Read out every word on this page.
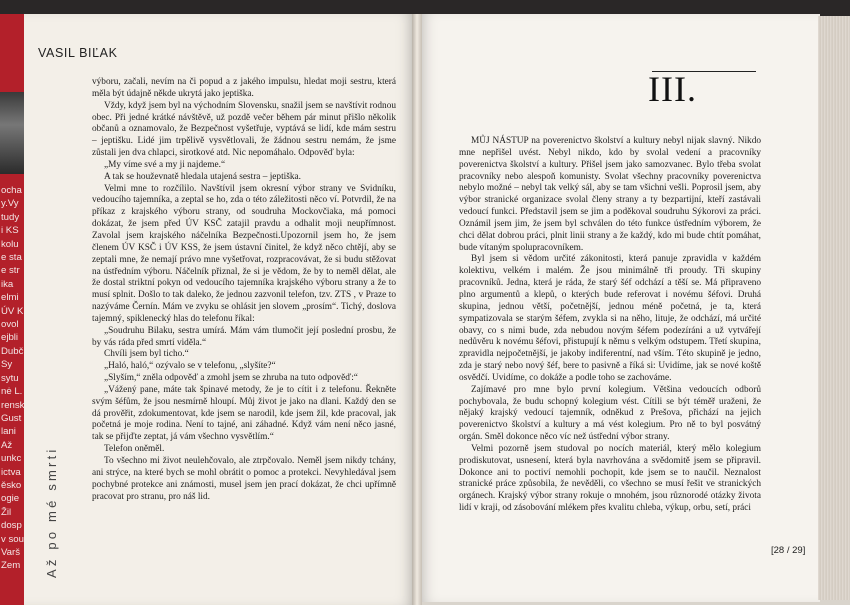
ocha
y.Vy
tudy
i KS
kolu
e sta
e str
ika
elmi
ÚV K
ovol
ejbli
Dubč
Sy
sytu
nė L.
rensk
Gust
lani
Až
unkc
ictva
ěsko
ogie
Žil
dosp
v sou
Varš
Zem
VASIL BIĽAK
Až po mé smrti

výboru, začali, nevím na či popud a z jakého impulsu, hledat moji sestru, která měla být údajně někde ukrytá jako jeptiška.

Vždy, když jsem byl na východním Slovensku, snažil jsem se navštívit rodnou obec. Při jedné krátké návštěvě, už pozdě večer během pár minut přišlo několik občanů a oznamovalo, že Bezpečnost vyšetřuje, vyptává se lidí, kde mám sestru – jeptišku. Lidé jim trpělivě vysvětlovali, že žádnou sestru nemám, že jsme zůstali jen dva chlapci, sirotkové atd. Nic nepomáhalo. Odpověď byla:

„My víme své a my ji najdeme.“

A tak se houževnatě hledala utajená sestra – jeptiška.

Velmi mne to rozčílilo. Navštívil jsem okresní výbor strany ve Svidníku, vedoucího tajemníka, a zeptal se ho, zda o této záležitosti něco ví. Potvrdil, že na příkaz z krajského výboru strany, od soudruha Mockovčiaka, má pomoci dokázat, že jsem před ÚV KSČ zatajil pravdu a odhalit moji neupřímnost. Zavolal jsem krajského náčelníka Bezpečnosti.Upozornil jsem ho, že jsem členem ÚV KSČ i ÚV KSS, že jsem ústavní činitel, že když něco chtějí, aby se zeptali mne, že nemají právo mne vyšetřovat, rozpracovávat, že si budu stěžovat na ústředním výboru. Náčelník přiznal, že si je vědom, že by to neměl dělat, ale že dostal striktní pokyn od vedoucího tajemníka krajského výboru strany a že to musí splnit. Došlo to tak daleko, že jednou zazvonil telefon, tzv. ZTS , v Praze to nazýváme Černín. Mám ve zvyku se ohlásit jen slovem „prosím“. Tichý, doslova tajemný, spiklenecký hlas do telefonu říkal:

„Soudruhu Bilaku, sestra umírá. Mám vám tlumočit její poslední prosbu, že by vás ráda před smrtí viděla.“

Chvíli jsem byl ticho.“

„Haló, haló,“ ozývalo se v telefonu, „slyšíte?“

„Slyším,“ zněla odpověď a zmohl jsem se zhruba na tuto odpověď:“

„Vážený pane, máte tak špinavé metody, že je to cítit i z telefonu. Řekněte svým šéfům, že jsou nesmírně hloupí. Můj život je jako na dlani. Každý den se dá prověřit, zdokumentovat, kde jsem se narodil, kde jsem žil, kde pracoval, jak početná je moje rodina. Není to tajné, ani záhadné. Když vám není něco jasné, tak se přijďte zeptat, já vám všechno vysvětlím.“

Telefon oněměl.

To všechno mi život neulehčovalo, ale ztrpčovalo. Neměl jsem nikdy tchány, ani strýce, na které bych se mohl obrátit o pomoc a protekci. Nevyhledával jsem pochybné protekce ani známosti, musel jsem jen prací dokázat, že chci upřímně pracovat pro stranu, pro náš lid.

III.

MŮJ NÁSTUP na poverenictvo školství a kultury nebyl nijak slavný. Nikdo mne nepřišel uvést. Nebyl nikdo, kdo by svolal vedení a pracovníky poverenictva školství a kultury. Přišel jsem jako samozvanec. Bylo třeba svolat pracovníky nebo alespoň komunisty. Svolat všechny pracovníky poverenictva nebylo možné – nebyl tak velký sál, aby se tam všichni vešli. Poprosil jsem, aby výbor stranické organizace svolal členy strany a ty bezpartijní, kteří zastávali vedoucí funkci. Představil jsem se jim a poděkoval soudruhu Sýkorovi za práci. Oznámil jsem jim, že jsem byl schválen do této funkce ústředním výborem, že chci dělat dobrou práci, plnit linii strany a že každý, kdo mi bude chtít pomáhat, bude vítaným spolupracovníkem.

Byl jsem si vědom určité zákonitosti, která panuje zpravidla v každém kolektivu, velkém i malém. Že jsou minimálně tři proudy. Tři skupiny pracovníků. Jedna, která je ráda, že starý šéf odchází a těší se. Má připraveno plno argumentů a klepů, o kterých bude referovat i novému šéfovi. Druhá skupina, jednou větší, početnější, jednou méně početná, je ta, která sympatizovala se starým šéfem, zvykla si na něho, lituje, že odchází, má určité obavy, co s nimi bude, zda nebudou novým šéfem podezíráni a už vytvářejí nedůvěru k novému šéfovi, přistupují k němu s velkým odstupem. Třetí skupina, zpravidla nejpočetnější, je jakoby indiferentní, nad vším. Této skupině je jedno, zda je starý nebo nový šéf, bere to pasivně a říká si: Uvidíme, jak se nové koště osvědčí. Uvidíme, co dokáže a podle toho se zachováme.

Zajímavé pro mne bylo první kolegium. Většina vedoucích odborů pochybovala, že budu schopný kolegium vést. Cítili se být téměř uraženi, že nějaký krajský vedoucí tajemník, odněkud z Prešova, přichází na jejich poverenictvo školství a kultury a má vést kolegium. Pro ně to byl posvátný orgán. Směl dokonce něco víc než ústřední výbor strany.

Velmi pozorně jsem studoval po nocích materiál, který mělo kolegium prodiskutovat, usnesení, která byla navrhována a svědomitě jsem se připravil. Dokonce ani to poctiví nemohli pochopit, kde jsem se to naučil. Neznalost stranické práce způsobila, že nevěděli, co všechno se musí řešit ve stranických orgánech. Krajský výbor strany rokuje o mnohém, jsou různorodé otázky života lidí v kraji, od zásobování mlékem přes kvalitu chleba, výkup, orbu, setí, práci

[28 / 29]
